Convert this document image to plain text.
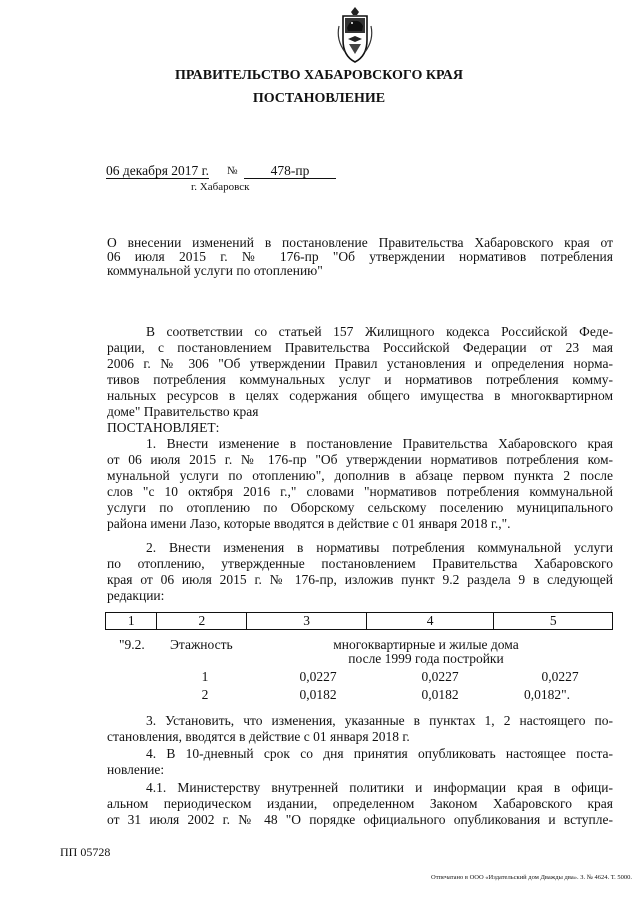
ПРАВИТЕЛЬСТВО ХАБАРОВСКОГО КРАЯ
ПОСТАНОВЛЕНИЕ
06 декабря 2017 г. №	478-пр
г. Хабаровск
О внесении изменений в постановление Правительства Хабаровского края от
06 июля 2015 г. № 176-пр "Об утверждении нормативов потребления
коммунальной услуги по отоплению"
В соответствии со статьей 157 Жилищного кодекса Российской Феде-
рации, с постановлением Правительства Российской Федерации от 23 мая
2006 г. № 306 "Об утверждении Правил установления и определения норма-
тивов потребления коммунальных услуг и нормативов потребления комму-
нальных ресурсов в целях содержания общего имущества в многоквартирном
доме" Правительство края
ПОСТАНОВЛЯЕТ:
1. Внести изменение в постановление Правительства Хабаровского края
от 06 июля 2015 г. № 176-пр "Об утверждении нормативов потребления ком-
мунальной услуги по отоплению", дополнив в абзаце первом пункта 2 после
слов "с 10 октября 2016 г.," словами "нормативов потребления коммунальной
услуги по отоплению по Оборскому сельскому поселению муниципального
района имени Лазо, которые вводятся в действие с 01 января 2018 г.,".
2. Внести изменения в нормативы потребления коммунальной услуги
по отоплению, утвержденные постановлением Правительства Хабаровского
края от 06 июля 2015 г. № 176-пр, изложив пункт 9.2 раздела 9 в следующей
редакции:
1	2	3	4	5
"9.2. Этажность	многоквартирные и жилые дома
после 1999 года постройки
1	0,0227	0,0227	0,0227
2	0,0182	0,0182	0,0182".
3. Установить, что изменения, указанные в пунктах 1, 2 настоящего по-
становления, вводятся в действие с 01 января 2018 г.
4. В 10-дневный срок со дня принятия опубликовать настоящее поста-
новление:
4.1. Министерству внутренней политики и информации края в офици-
альном периодическом издании, определенном Законом Хабаровского края
от 31 июля 2002 г. № 48 "О порядке официального опубликования и вступле-
ПП 05728
Отпечатано в ООО «Издательский дом Дважды два». З. № 4624. Т. 5000.
